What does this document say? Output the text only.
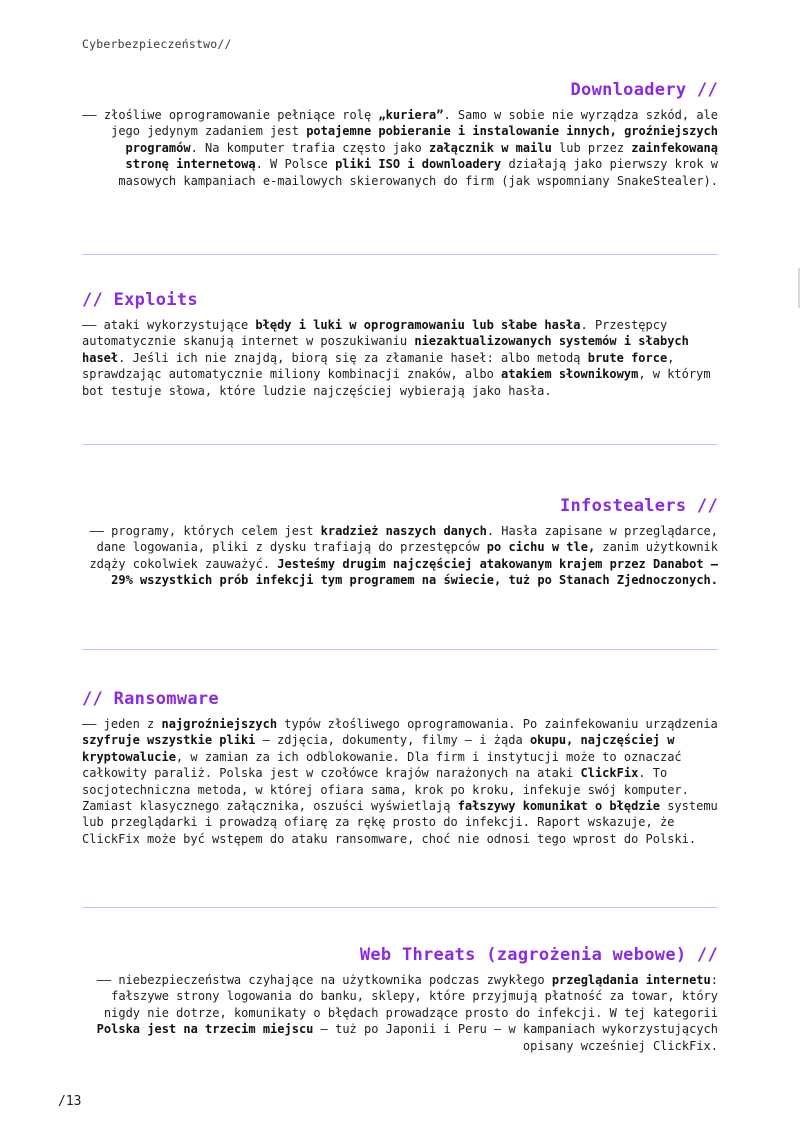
Cyberbezpieczeństwo//
Downloadery //
–– złośliwe oprogramowanie pełniące rolę „kuriera”. Samo w sobie nie wyrządza szkód, ale jego jedynym zadaniem jest potajemne pobieranie i instalowanie innych, groźniejszych programów. Na komputer trafia często jako załącznik w mailu lub przez zainfekowaną stronę internetową. W Polsce pliki ISO i downloadery działają jako pierwszy krok w masowych kampaniach e-mailowych skierowanych do firm (jak wspomniany SnakeStealer).
// Exploits
–– ataki wykorzystujące błędy i luki w oprogramowaniu lub słabe hasła. Przestępcy automatycznie skanują internet w poszukiwaniu niezaktualizowanych systemów i słabych haseł. Jeśli ich nie znajdą, biorą się za złamanie haseł: albo metodą brute force, sprawdzając automatycznie miliony kombinacji znaków, albo atakiem słownikowym, w którym bot testuje słowa, które ludzie najczęściej wybierają jako hasła.
Infostealers //
–– programy, których celem jest kradzież naszych danych. Hasła zapisane w przeglądarce, dane logowania, pliki z dysku trafiają do przestępców po cichu w tle, zanim użytkownik zdąży cokolwiek zauważyć. Jesteśmy drugim najczęściej atakowanym krajem przez Danabot — 29% wszystkich prób infekcji tym programem na świecie, tuż po Stanach Zjednoczonych.
// Ransomware
–– jeden z najgroźniejszych typów złośliwego oprogramowania. Po zainfekowaniu urządzenia szyfruje wszystkie pliki — zdjęcia, dokumenty, filmy — i żąda okupu, najczęściej w kryptowalucie, w zamian za ich odblokowanie. Dla firm i instytucji może to oznaczać całkowity paraliż. Polska jest w czołówce krajów narażonych na ataki ClickFix. To socjotechniczna metoda, w której ofiara sama, krok po kroku, infekuje swój komputer. Zamiast klasycznego załącznika, oszuści wyświetlają fałszywy komunikat o błędzie systemu lub przeglądarki i prowadzą ofiarę za rękę prosto do infekcji. Raport wskazuje, że ClickFix może być wstępem do ataku ransomware, choć nie odnosi tego wprost do Polski.
Web Threats (zagrożenia webowe) //
–– niebezpieczeństwa czyhające na użytkownika podczas zwykłego przeglądania internetu: fałszywe strony logowania do banku, sklepy, które przyjmują płatność za towar, który nigdy nie dotrze, komunikaty o błędach prowadzące prosto do infekcji. W tej kategorii Polska jest na trzecim miejscu — tuż po Japonii i Peru — w kampaniach wykorzystujących opisany wcześniej ClickFix.
/13
